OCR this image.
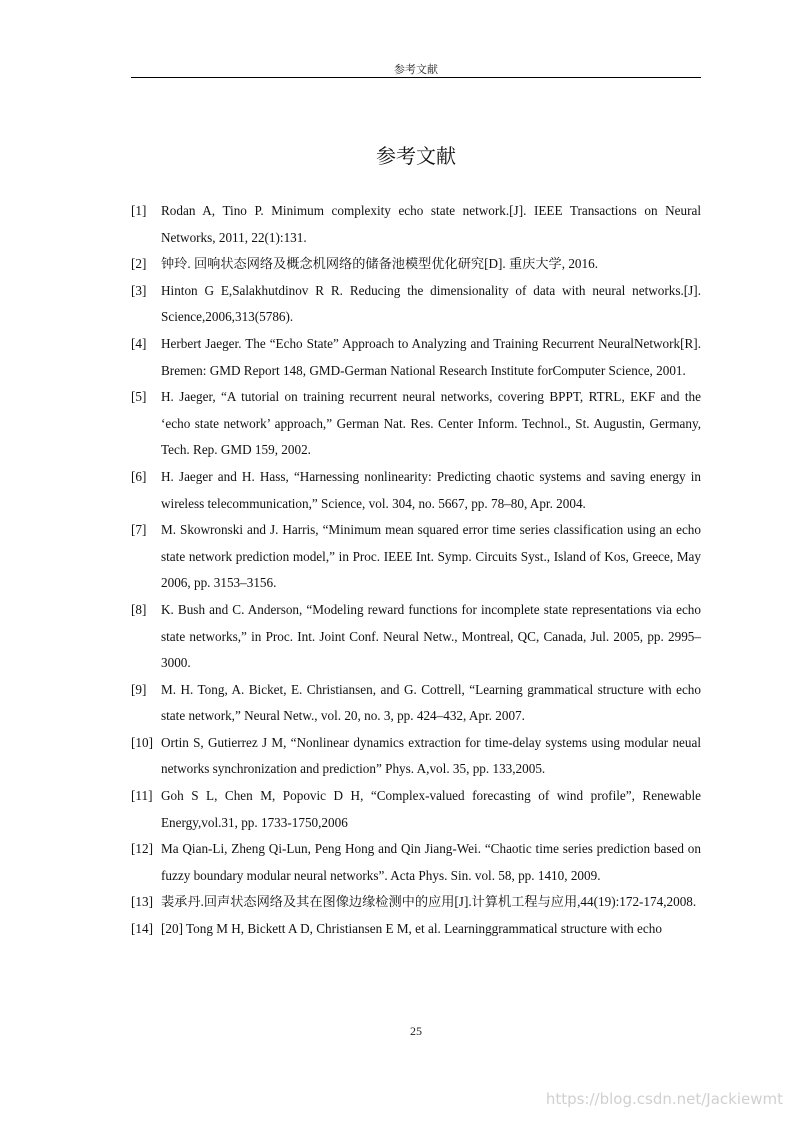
参考文献
参考文献
[1]	Rodan A, Tino P. Minimum complexity echo state network.[J]. IEEE Transactions on Neural Networks, 2011, 22(1):131.
[2]	钟玲. 回响状态网络及概念机网络的储备池模型优化研究[D]. 重庆大学, 2016.
[3]	Hinton G E,Salakhutdinov R R. Reducing the dimensionality of data with neural networks.[J]. Science,2006,313(5786).
[4]	Herbert Jaeger. The “Echo State” Approach to Analyzing and Training Recurrent NeuralNetwork[R]. Bremen: GMD Report 148, GMD-German National Research Institute forComputer Science, 2001.
[5]	H. Jaeger, “A tutorial on training recurrent neural networks, covering BPPT, RTRL, EKF and the ‘echo state network’ approach,” German Nat. Res. Center Inform. Technol., St. Augustin, Germany, Tech. Rep. GMD 159, 2002.
[6]	H. Jaeger and H. Hass, “Harnessing nonlinearity: Predicting chaotic systems and saving energy in wireless telecommunication,” Science, vol. 304, no. 5667, pp. 78–80, Apr. 2004.
[7]	M. Skowronski and J. Harris, “Minimum mean squared error time series classification using an echo state network prediction model,” in Proc. IEEE Int. Symp. Circuits Syst., Island of Kos, Greece, May 2006, pp. 3153–3156.
[8]	K. Bush and C. Anderson, “Modeling reward functions for incomplete state representations via echo state networks,” in Proc. Int. Joint Conf. Neural Netw., Montreal, QC, Canada, Jul. 2005, pp. 2995–3000.
[9]	M. H. Tong, A. Bicket, E. Christiansen, and G. Cottrell, “Learning grammatical structure with echo state network,” Neural Netw., vol. 20, no. 3, pp. 424–432, Apr. 2007.
[10] Ortin S, Gutierrez J M, “Nonlinear dynamics extraction for time-delay systems using modular neual networks synchronization and prediction” Phys. A,vol. 35, pp. 133,2005.
[11] Goh S L, Chen M, Popovic D H, “Complex-valued forecasting of wind profile”, Renewable Energy,vol.31, pp. 1733-1750,2006
[12] Ma Qian-Li, Zheng Qi-Lun, Peng Hong and Qin Jiang-Wei. “Chaotic time series prediction based on fuzzy boundary modular neural networks”. Acta Phys. Sin. vol. 58, pp. 1410, 2009.
[13] 裴承丹.回声状态网络及其在图像边缘检测中的应用[J].计算机工程与应用,44(19):172-174,2008.
[14] [20] Tong M H, Bickett A D, Christiansen E M, et al. Learninggrammatical structure with echo
25
https://blog.csdn.net/Jackiewmt
